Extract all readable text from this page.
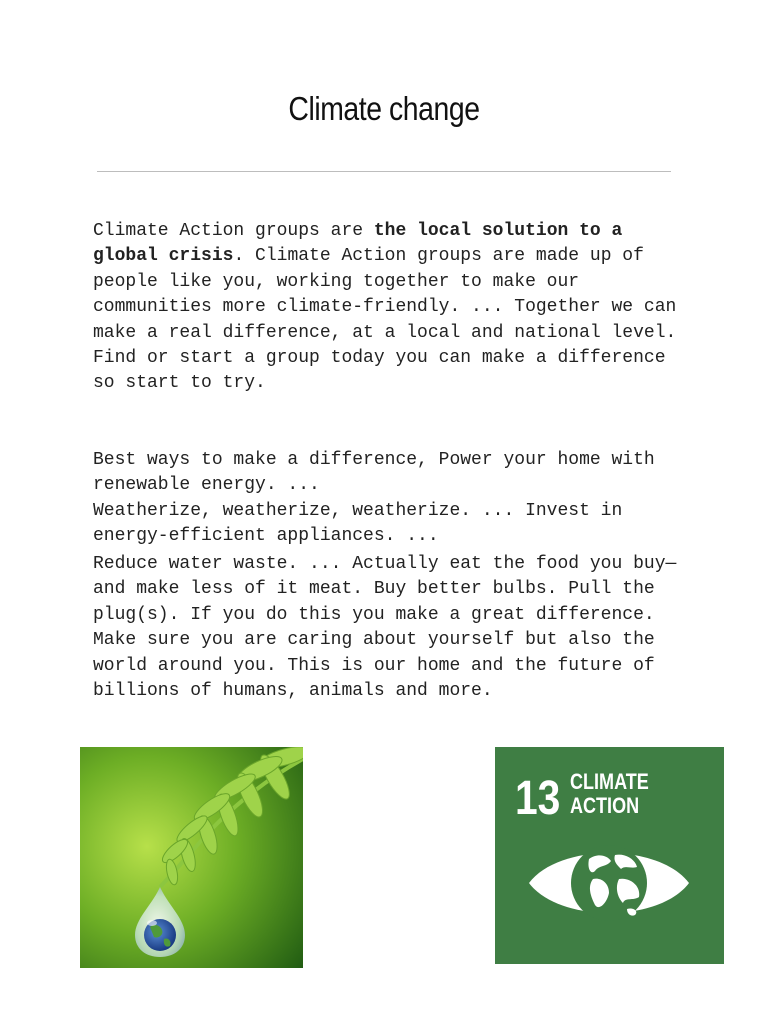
Climate change

Climate Action groups are the local solution to a global crisis. Climate Action groups are made up of people like you, working together to make our communities more climate-friendly. ... Together we can make a real difference, at a local and national level. Find or start a group today you can make a difference so start to try.

Best ways to make a difference, Power your home with renewable energy. ...
Weatherize, weatherize, weatherize. ... Invest in energy-efficient appliances. ...

Reduce water waste. ... Actually eat the food you buy—and make less of it meat. Buy better bulbs. Pull the plug(s). If you do this you make a great difference. Make sure you are caring about yourself but also the world around you. This is our home and the future of billions of humans, animals and more.

13 CLIMATE
ACTION
